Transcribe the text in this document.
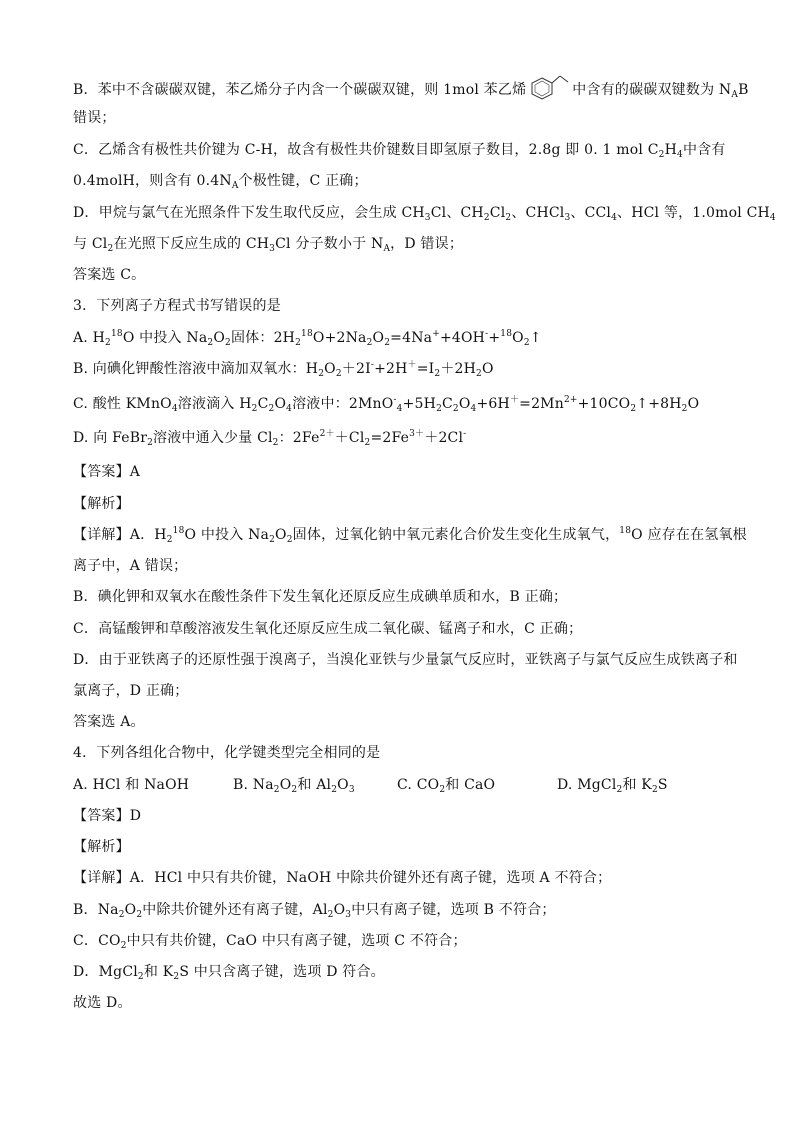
B．苯中不含碳碳双键，苯乙烯分子内含一个碳碳双键，则 1mol 苯乙烯	中含有的碳碳双键数为 $N_AB$
错误；
C．乙烯含有极性共价键为 C-H，故含有极性共价键数目即氢原子数目，2.8g 即 0. 1 mol $C_2H_4$中含有
0.4molH，则含有 $0.4N_A$个极性键，C 正确；
D．甲烷与氯气在光照条件下发生取代反应，会生成 $CH_3Cl$、$CH_2Cl_2$、CHCl$_3$、CCl$_4$、HCl 等，1.0mol $CH_4$
与 $Cl_2$在光照下反应生成的 $CH_3Cl$ 分子数小于 $N_A$，D 错误；
答案选 C。
3．下列离子方程式书写错误的是
A. $H_2^{18}O$ 中投入 $Na_2O_2$固体：$2H_2^{18}O+2Na_2O_2=4Na^++4OH^-+^{18}O_2↑$
B. 向碘化钾酸性溶液中滴加双氧水：$H_2O_2+2I^-+2H^+=I_2+2H_2O$
C. 酸性 KMnO$_4$溶液滴入 $H_2C_2O_4$溶液中：$2MnO^-_4+5H_2C_2O_4+6H^+=2Mn^{2+}+10CO_2↑+8H_2O$
D. 向 FeBr$_2$溶液中通入少量 $Cl_2$：$2Fe^{2+}+Cl_2=2Fe^{3+}+2Cl^-$
【答案】A
【解析】
【详解】A．$H_2^{18}O$ 中投入 $Na_2O_2$固体，过氧化钠中氧元素化合价发生变化生成氧气，$^{18}$O 应存在在氢氧根
离子中，A 错误；
B．碘化钾和双氧水在酸性条件下发生氧化还原反应生成碘单质和水，B 正确；
C．高锰酸钾和草酸溶液发生氧化还原反应生成二氧化碳、锰离子和水，C 正确；
D．由于亚铁离子的还原性强于溴离子，当溴化亚铁与少量氯气反应时，亚铁离子与氯气反应生成铁离子和
氯离子，D 正确；
答案选 A。
4．下列各组化合物中，化学键类型完全相同的是
A. HCl 和 NaOH	B. $Na_2O_2$和 $Al_2O_3$	C. $CO_2$和 CaO	D. MgCl$_2$和 $K_2S$
【答案】D
【解析】
【详解】A．HCl 中只有共价键，NaOH 中除共价键外还有离子键，选项 A 不符合；
B．$Na_2O_2$中除共价键外还有离子键，$Al_2O_3$中只有离子键，选项 B 不符合；
C．$CO_2$中只有共价键，CaO 中只有离子键，选项 C 不符合；
D．MgCl$_2$和 $K_2S$ 中只含离子键，选项 D 符合。
故选 D。
